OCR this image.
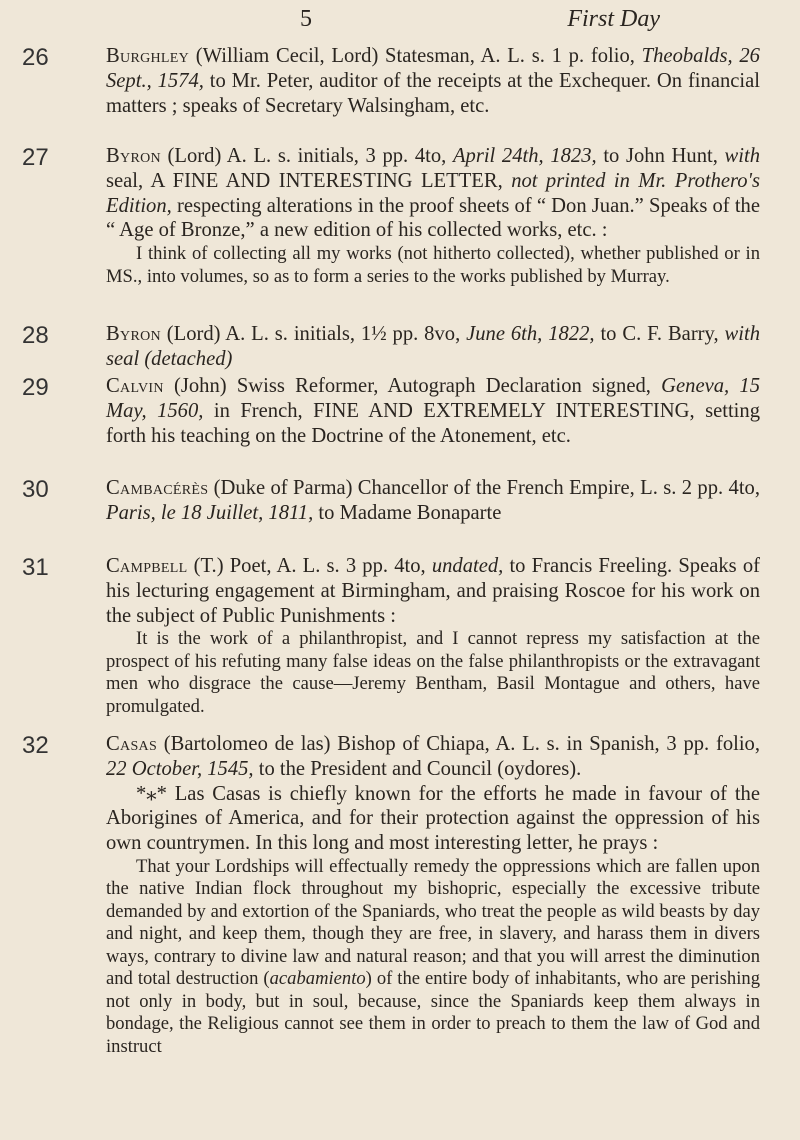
5	First Day
26	Burghley (William Cecil, Lord) Statesman, A. L. s. 1 p. folio, Theobalds, 26 Sept., 1574, to Mr. Peter, auditor of the receipts at the Exchequer. On financial matters ; speaks of Secretary Walsingham, etc.

27	Byron (Lord) A. L. s. initials, 3 pp. 4to, April 24th, 1823, to John Hunt, with seal, A FINE AND INTERESTING LETTER, not printed in Mr. Prothero's Edition, respecting alterations in the proof sheets of “ Don Juan.” Speaks of the “ Age of Bronze,” a new edition of his collected works, etc. :

I think of collecting all my works (not hitherto collected), whether published or in MS., into volumes, so as to form a series to the works published by Murray.

28	Byron (Lord) A. L. s. initials, 1½ pp. 8vo, June 6th, 1822, to C. F. Barry, with seal (detached)

29	Calvin (John) Swiss Reformer, Autograph Declaration signed, Geneva, 15 May, 1560, in French, FINE AND EXTREMELY INTERESTING, setting forth his teaching on the Doctrine of the Atonement, etc.

30	Cambacérès (Duke of Parma) Chancellor of the French Empire, L. s. 2 pp. 4to, Paris, le 18 Juillet, 1811, to Madame Bonaparte

31	Campbell (T.) Poet, A. L. s. 3 pp. 4to, undated, to Francis Freeling. Speaks of his lecturing engagement at Birmingham, and praising Roscoe for his work on the subject of Public Punishments :

It is the work of a philanthropist, and I cannot repress my satisfaction at the prospect of his refuting many false ideas on the false philanthropists or the extravagant men who disgrace the cause—Jeremy Bentham, Basil Montague and others, have promulgated.

32	Casas (Bartolomeo de las) Bishop of Chiapa, A. L. s. in Spanish, 3 pp. folio, 22 October, 1545, to the President and Council (oydores).

*⁎* Las Casas is chiefly known for the efforts he made in favour of the Aborigines of America, and for their protection against the oppression of his own countrymen. In this long and most interesting letter, he prays :

That your Lordships will effectually remedy the oppressions which are fallen upon the native Indian flock throughout my bishopric, especially the excessive tribute demanded by and extortion of the Spaniards, who treat the people as wild beasts by day and night, and keep them, though they are free, in slavery, and harass them in divers ways, contrary to divine law and natural reason; and that you will arrest the diminution and total destruction (acabamiento) of the entire body of inhabitants, who are perishing not only in body, but in soul, because, since the Spaniards keep them always in bondage, the Religious cannot see them in order to preach to them the law of God and instruct
